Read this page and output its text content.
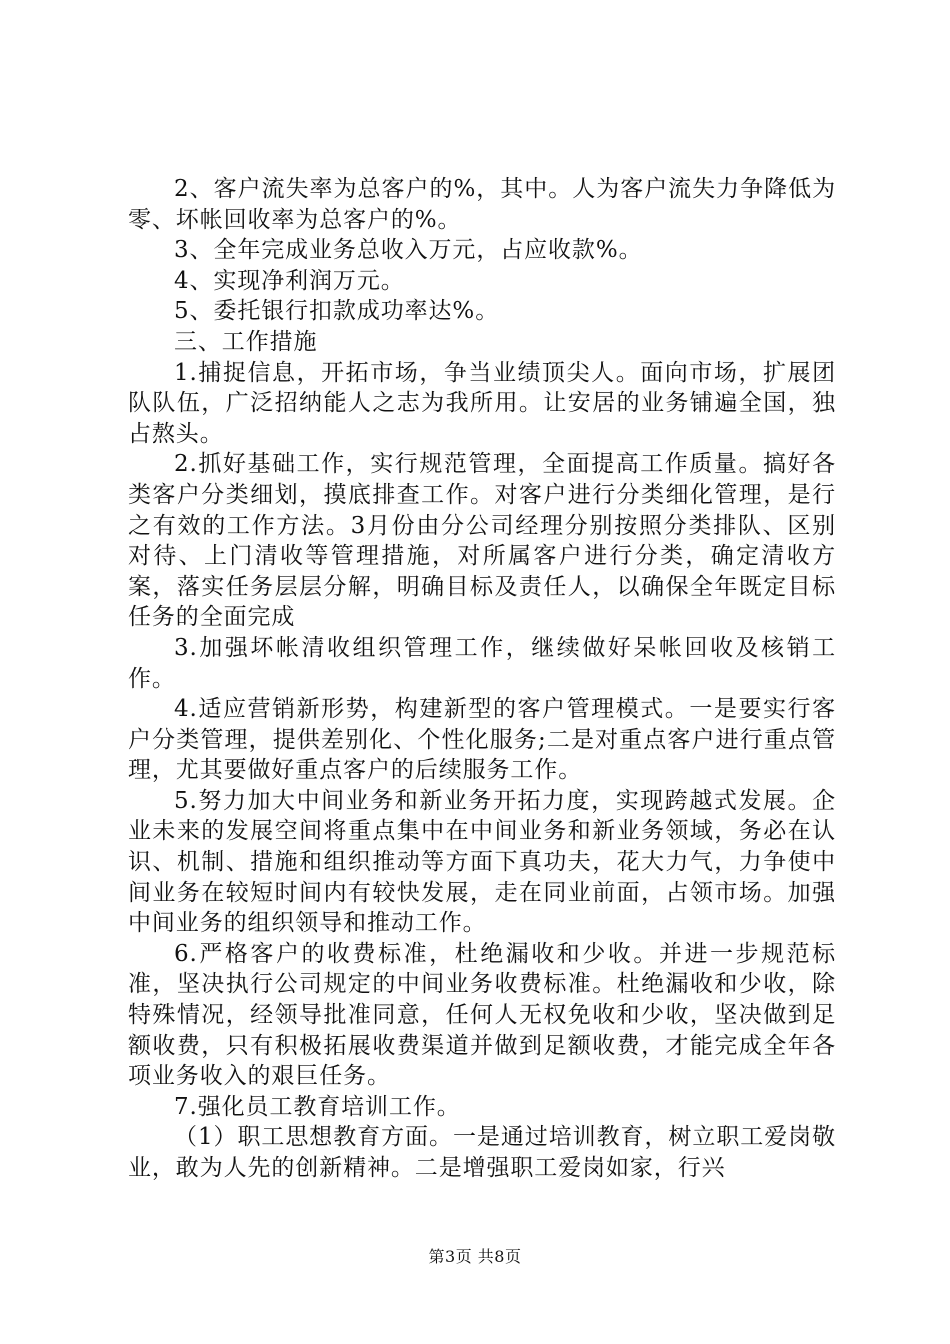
2、客户流失率为总客户的%，其中。人为客户流失力争降低为零、坏帐回收率为总客户的%。

3、全年完成业务总收入万元，占应收款%。

4、实现净利润万元。

5、委托银行扣款成功率达%。

三、工作措施

1.捕捉信息，开拓市场，争当业绩顶尖人。面向市场，扩展团队队伍，广泛招纳能人之志为我所用。让安居的业务铺遍全国，独占熬头。

2.抓好基础工作，实行规范管理，全面提高工作质量。搞好各类客户分类细划，摸底排查工作。对客户进行分类细化管理，是行之有效的工作方法。3月份由分公司经理分别按照分类排队、区别对待、上门清收等管理措施，对所属客户进行分类，确定清收方案，落实任务层层分解，明确目标及责任人，以确保全年既定目标任务的全面完成

3.加强坏帐清收组织管理工作，继续做好呆帐回收及核销工作。

4.适应营销新形势，构建新型的客户管理模式。一是要实行客户分类管理，提供差别化、个性化服务;二是对重点客户进行重点管理，尤其要做好重点客户的后续服务工作。

5.努力加大中间业务和新业务开拓力度，实现跨越式发展。企业未来的发展空间将重点集中在中间业务和新业务领域，务必在认识、机制、措施和组织推动等方面下真功夫，花大力气，力争使中间业务在较短时间内有较快发展，走在同业前面，占领市场。加强中间业务的组织领导和推动工作。

6.严格客户的收费标准，杜绝漏收和少收。并进一步规范标准，坚决执行公司规定的中间业务收费标准。杜绝漏收和少收，除特殊情况，经领导批准同意，任何人无权免收和少收，坚决做到足额收费，只有积极拓展收费渠道并做到足额收费，才能完成全年各项业务收入的艰巨任务。

7.强化员工教育培训工作。

（1）职工思想教育方面。一是通过培训教育，树立职工爱岗敬业，敢为人先的创新精神。二是增强职工爱岗如家，行兴

第3页 共8页
